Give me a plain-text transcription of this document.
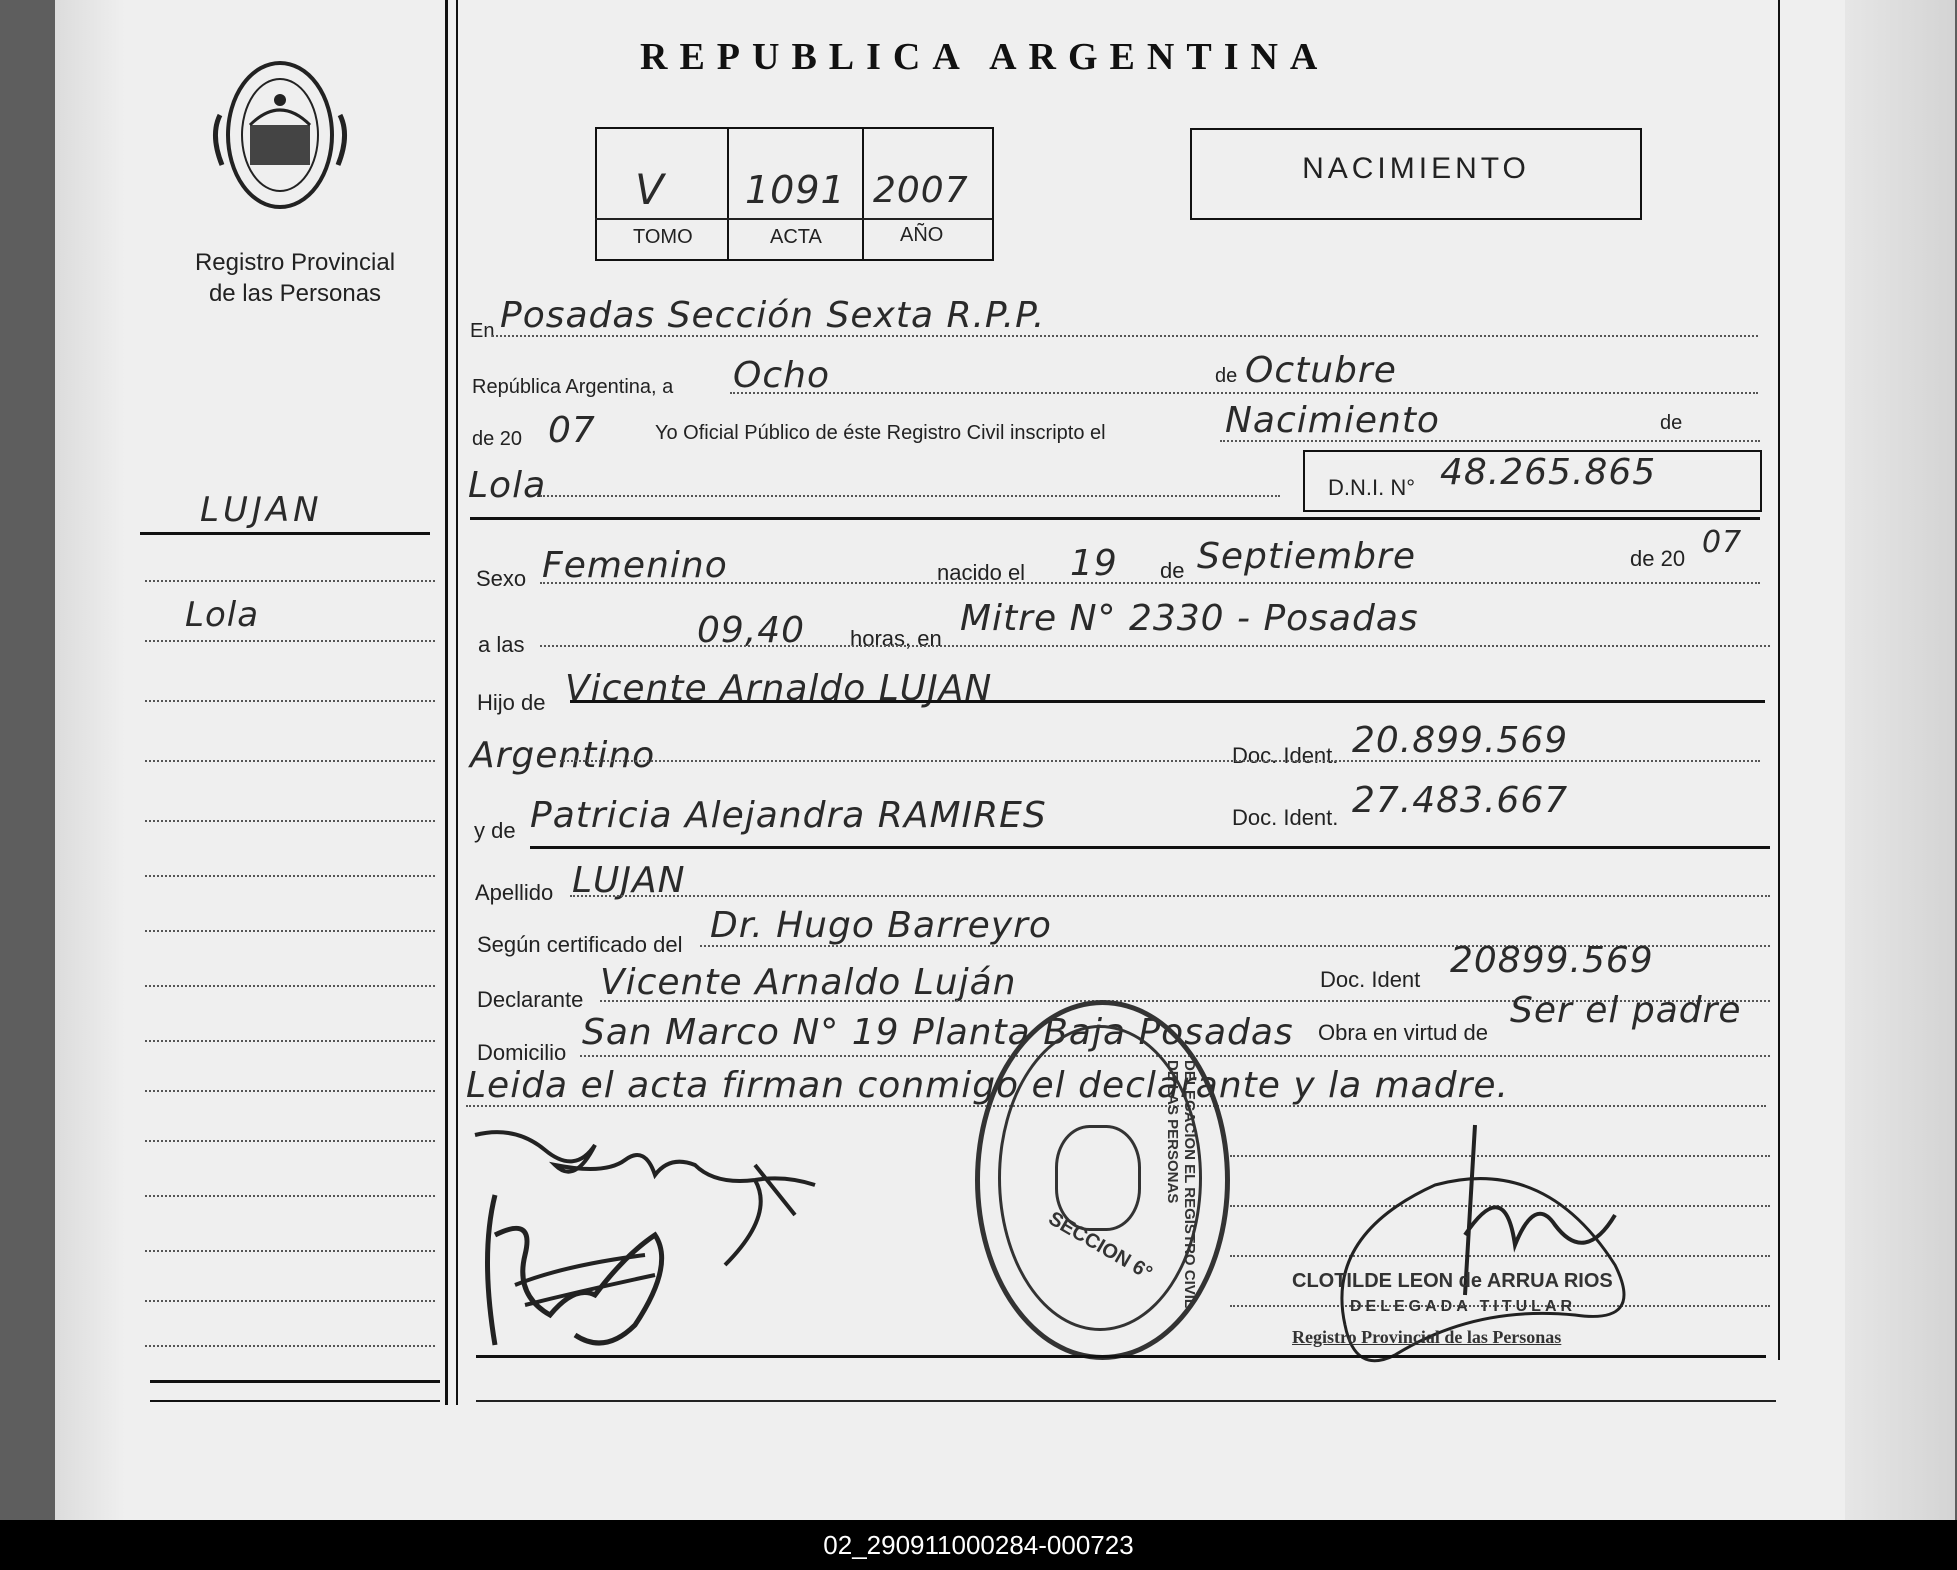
Registro Provincial
de las Personas
LUJAN
Lola
REPUBLICA ARGENTINA
V 1091 2007
TOMO	ACTA	AÑO
NACIMIENTO
En Posadas Sección Sexta R.P.P.
República Argentina, a Ocho	de Octubre
de 20 07	Yo Oficial Público de éste Registro Civil inscripto el	Nacimiento	de
Lola	D.N.I. N° 48.265.865
Sexo Femenino	nacido el 19 de Septiembre	de 20 07
a las	09,40 horas, en Mitre N° 2330 - Posadas
Hijo de Vicente Arnaldo LUJAN
Argentino	Doc. Ident. 20.899.569
y de Patricia Alejandra RAMIRES	Doc. Ident. 27.483.667
Apellido LUJAN
Según certificado del Dr. Hugo Barreyro
Declarante Vicente Arnaldo Luján	Doc. Ident 20899.569
Domicilio San Marco N° 19 Planta Baja Posadas Obra en virtud de
Ser el padre
Leida el acta firman conmigo el declarante y la madre.
SECCION 6°	DELEGACION EL REGISTRO CIVIL DE LAS PERSONAS
CLOTILDE LEON de ARRUA RIOS
DELEGADA TITULAR
Registro Provincial de las Personas
02_290911000284-000723
